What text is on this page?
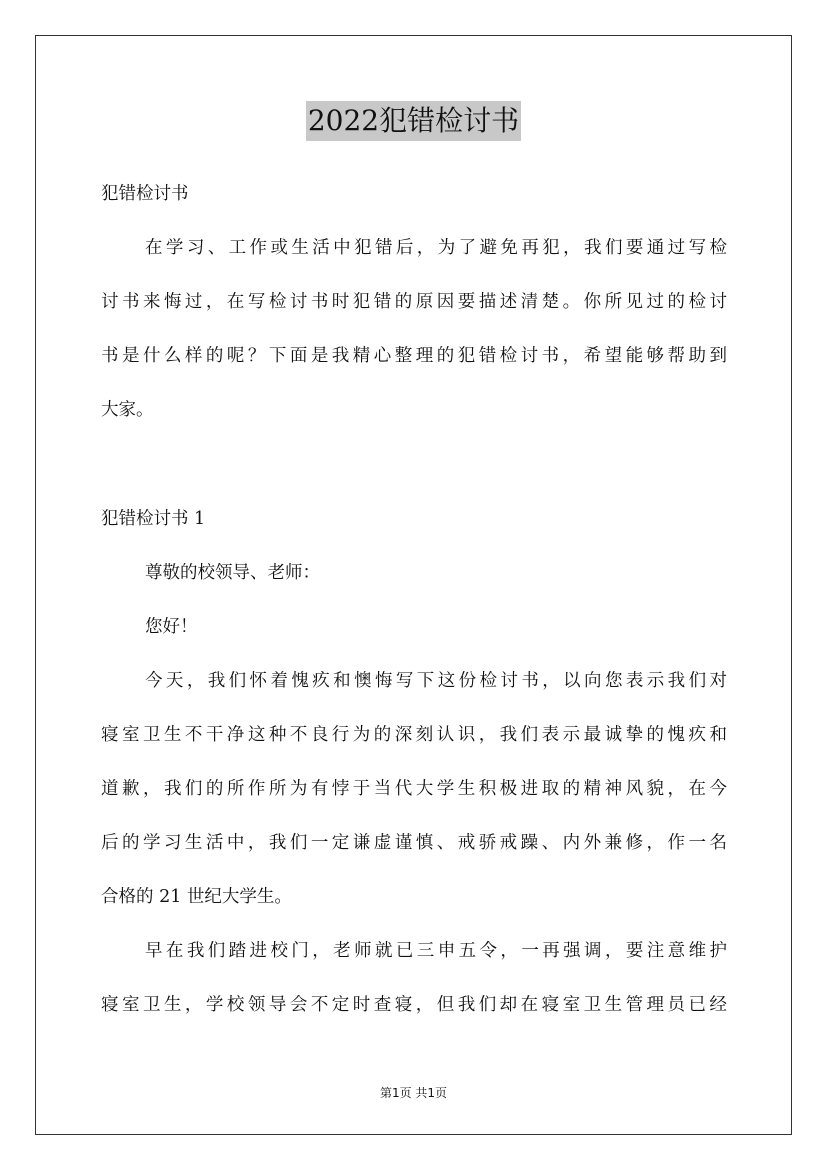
2022犯错检讨书
犯错检讨书
在学习、工作或生活中犯错后，为了避免再犯，我们要通过写检
讨书来悔过，在写检讨书时犯错的原因要描述清楚。你所见过的检讨
书是什么样的呢？下面是我精心整理的犯错检讨书，希望能够帮助到
大家。
犯错检讨书 1
尊敬的校领导、老师：
您好！
今天，我们怀着愧疚和懊悔写下这份检讨书，以向您表示我们对
寝室卫生不干净这种不良行为的深刻认识，我们表示最诚挚的愧疚和
道歉，我们的所作所为有悖于当代大学生积极进取的精神风貌，在今
后的学习生活中，我们一定谦虚谨慎、戒骄戒躁、内外兼修，作一名
合格的 21 世纪大学生。
早在我们踏进校门，老师就已三申五令，一再强调，要注意维护
寝室卫生，学校领导会不定时查寝，但我们却在寝室卫生管理员已经
第1页 共1页
